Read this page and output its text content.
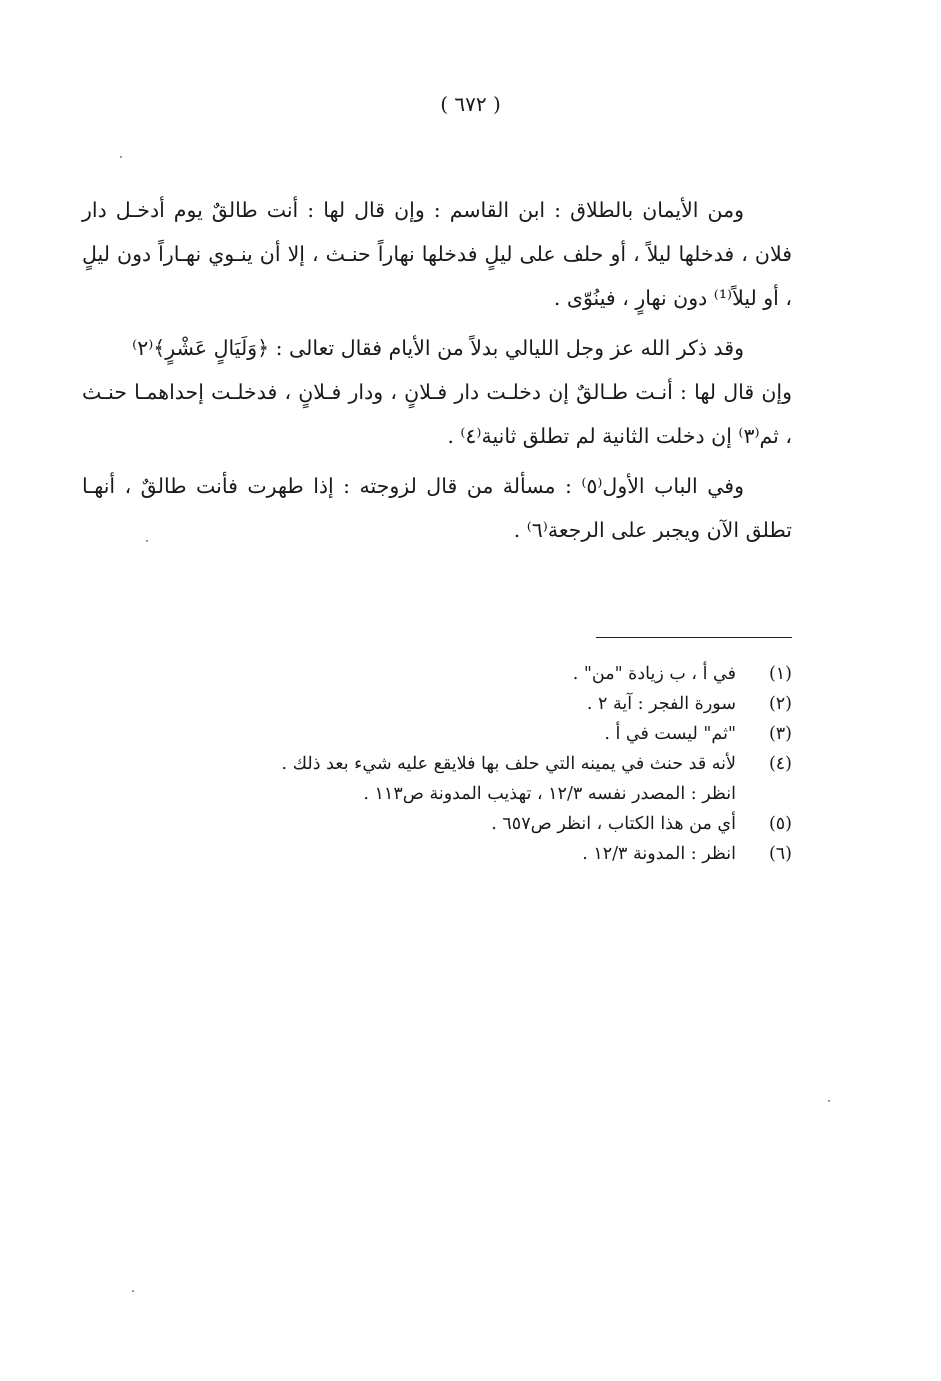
( ٦٧٢ )

ومن الأيمان بالطلاق : ابن القاسم : وإن قال لها : أنت طالقٌ يوم أدخـل دار فلان ، فدخلها ليلاً ، أو حلف على ليلٍ فدخلها نهاراً حنـث ، إلا أن ينـوي نهـاراً دون ليلٍ ، أو ليلاً⁽¹⁾ دون نهارٍ ، فينُوّى .

وقد ذكر الله عز وجل الليالي بدلاً من الأيام فقال تعالى : ﴿وَلَيَالٍ عَشْرٍ﴾⁽٢⁾

وإن قال لها : أنـت طـالقٌ إن دخلـت دار فـلانٍ ، ودار فـلانٍ ، فدخلـت إحداهمـا حنـث ، ثم⁽٣⁾ إن دخلت الثانية لم تطلق ثانية⁽٤⁾ .

وفي الباب الأول⁽٥⁾ : مسألة من قال لزوجته : إذا طهرت فأنت طالقٌ ، أنهـا تطلق الآن ويجبر على الرجعة⁽٦⁾ .

(١)
في أ ، ب زيادة "من" .
(٢)
سورة الفجر : آية ٢ .
(٣)
"ثم" ليست في أ .
(٤)
لأنه قد حنث في يمينه التي حلف بها فلايقع عليه شيء بعد ذلك .
انظر : المصدر نفسه ١٢/٣ ، تهذيب المدونة ص١١٣ .
(٥)
أي من هذا الكتاب ، انظر ص٦٥٧ .
(٦)
انظر : المدونة ١٢/٣ .
